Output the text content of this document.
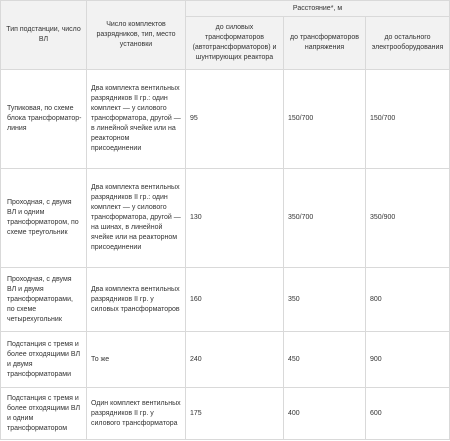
Тип подстанции, число ВЛ	Число комплектов разрядников, тип, место установки	Расстояние*, м		
		до силовых трансформаторов (автотрансформаторов) и шунтирующих реактора	до трансформаторов напряжения	до остального электрооборудования
Тупиковая, по схеме блока трансформатор-линия	Два комплекта вентильных разрядников II гр.: один комплект — у силового трансформатора, другой — в линейной ячейке или на реакторном присоединении	95	150/700	150/700
Проходная, с двумя ВЛ и одним трансформатором, по схеме треугольник	Два комплекта вентильных разрядников II гр.: один комплект — у силового трансформатора, другой — на шинах, в линейной ячейке или на реакторном присоединении	130	350/700	350/900
Проходная, с двумя ВЛ и двумя трансформаторами, по схеме четырехугольник	Два комплекта вентильных разрядников II гр. у силовых трансформаторов	160	350	800
Подстанция с тремя и более отходящими ВЛ и двумя трансформаторами	То же	240	450	900
Подстанция с тремя и более отходящими ВЛ и одним трансформатором	Один комплект вентильных разрядников II гр. у силового трансформатора	175	400	600
